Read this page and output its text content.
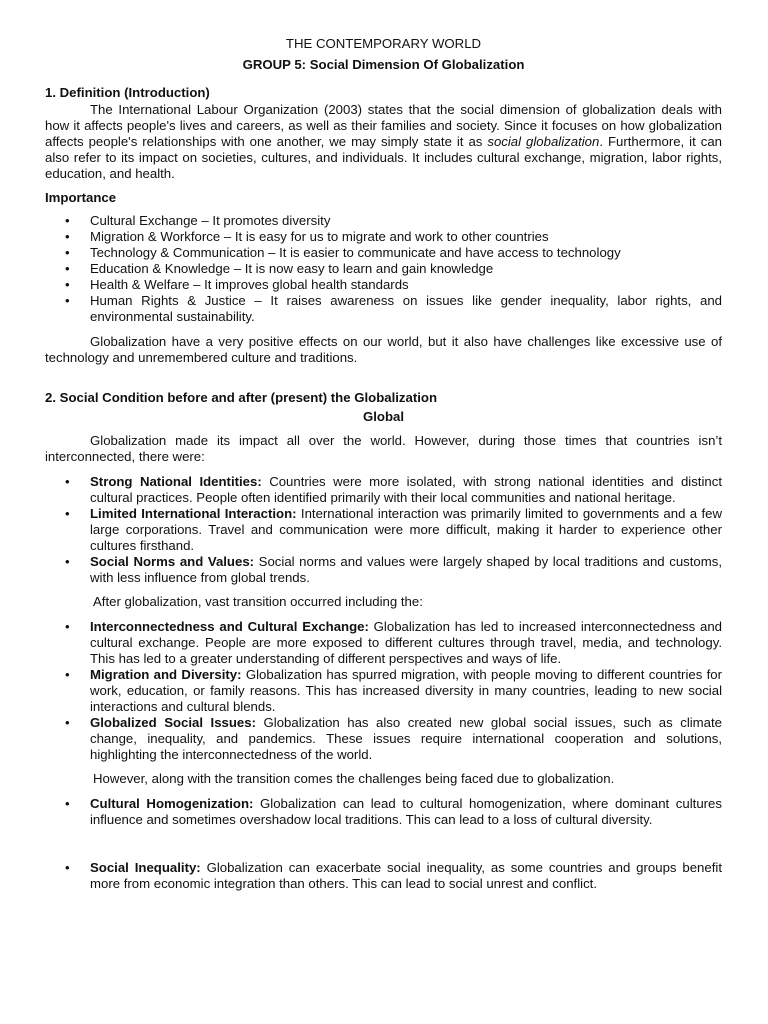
THE CONTEMPORARY WORLD
GROUP 5: Social Dimension Of Globalization
1. Definition (Introduction)

The International Labour Organization (2003) states that the social dimension of globalization deals with how it affects people's lives and careers, as well as their families and society. Since it focuses on how globalization affects people's relationships with one another, we may simply state it as social globalization. Furthermore, it can also refer to its impact on societies, cultures, and individuals. It includes cultural exchange, migration, labor rights, education, and health.

Importance
• Cultural Exchange – It promotes diversity
• Migration & Workforce – It is easy for us to migrate and work to other countries
• Technology & Communication – It is easier to communicate and have access to technology
• Education & Knowledge – It is now easy to learn and gain knowledge
• Health & Welfare – It improves global health standards
• Human Rights & Justice – It raises awareness on issues like gender inequality, labor rights, and environmental sustainability.

Globalization have a very positive effects on our world, but it also have challenges like excessive use of technology and unremembered culture and traditions.

2. Social Condition before and after (present) the Globalization
Global

Globalization made its impact all over the world. However, during those times that countries isn’t interconnected, there were:

• Strong National Identities: Countries were more isolated, with strong national identities and distinct cultural practices. People often identified primarily with their local communities and national heritage.
• Limited International Interaction: International interaction was primarily limited to governments and a few large corporations. Travel and communication were more difficult, making it harder to experience other cultures firsthand.
• Social Norms and Values: Social norms and values were largely shaped by local traditions and customs, with less influence from global trends.

After globalization, vast transition occurred including the:

• Interconnectedness and Cultural Exchange: Globalization has led to increased interconnectedness and cultural exchange. People are more exposed to different cultures through travel, media, and technology. This has led to a greater understanding of different perspectives and ways of life.
• Migration and Diversity: Globalization has spurred migration, with people moving to different countries for work, education, or family reasons. This has increased diversity in many countries, leading to new social interactions and cultural blends.
• Globalized Social Issues: Globalization has also created new global social issues, such as climate change, inequality, and pandemics. These issues require international cooperation and solutions, highlighting the interconnectedness of the world.

However, along with the transition comes the challenges being faced due to globalization.

• Cultural Homogenization: Globalization can lead to cultural homogenization, where dominant cultures influence and sometimes overshadow local traditions. This can lead to a loss of cultural diversity.
• Social Inequality: Globalization can exacerbate social inequality, as some countries and groups benefit more from economic integration than others. This can lead to social unrest and conflict.
